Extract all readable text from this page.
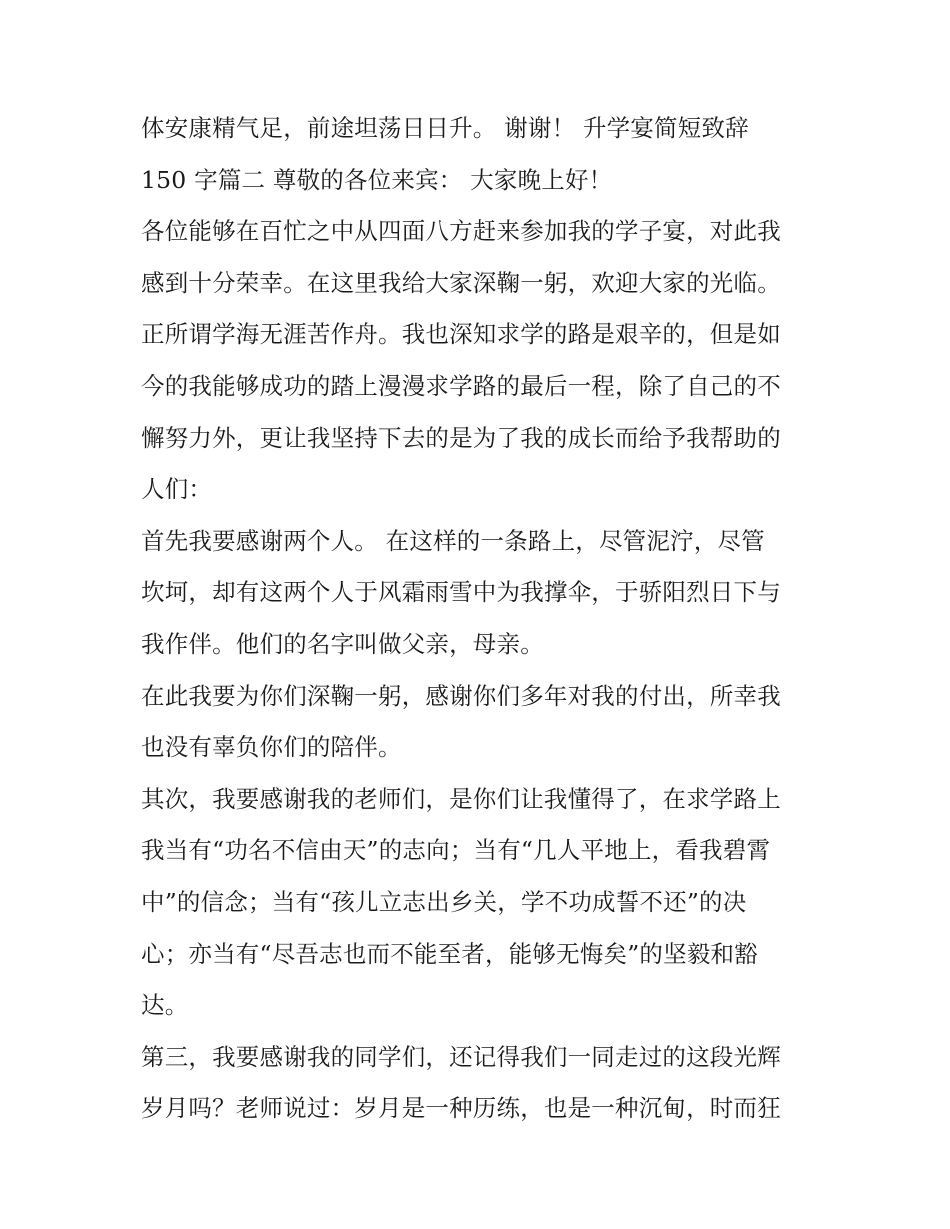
体安康精气足，前途坦荡日日升。 谢谢！ 升学宴简短致辞
150 字篇二 尊敬的各位来宾： 大家晚上好！
各位能够在百忙之中从四面八方赶来参加我的学子宴，对此我
感到十分荣幸。在这里我给大家深鞠一躬，欢迎大家的光临。
正所谓学海无涯苦作舟。我也深知求学的路是艰辛的，但是如
今的我能够成功的踏上漫漫求学路的最后一程，除了自己的不
懈努力外，更让我坚持下去的是为了我的成长而给予我帮助的
人们：
首先我要感谢两个人。 在这样的一条路上，尽管泥泞，尽管
坎坷，却有这两个人于风霜雨雪中为我撑伞，于骄阳烈日下与
我作伴。他们的名字叫做父亲，母亲。
在此我要为你们深鞠一躬，感谢你们多年对我的付出，所幸我
也没有辜负你们的陪伴。
其次，我要感谢我的老师们，是你们让我懂得了，在求学路上
我当有“功名不信由天”的志向；当有“几人平地上，看我碧霄
中”的信念；当有“孩儿立志出乡关，学不功成誓不还”的决
心；亦当有“尽吾志也而不能至者，能够无悔矣”的坚毅和豁
达。
第三，我要感谢我的同学们，还记得我们一同走过的这段光辉
岁月吗？老师说过：岁月是一种历练，也是一种沉甸，时而狂
